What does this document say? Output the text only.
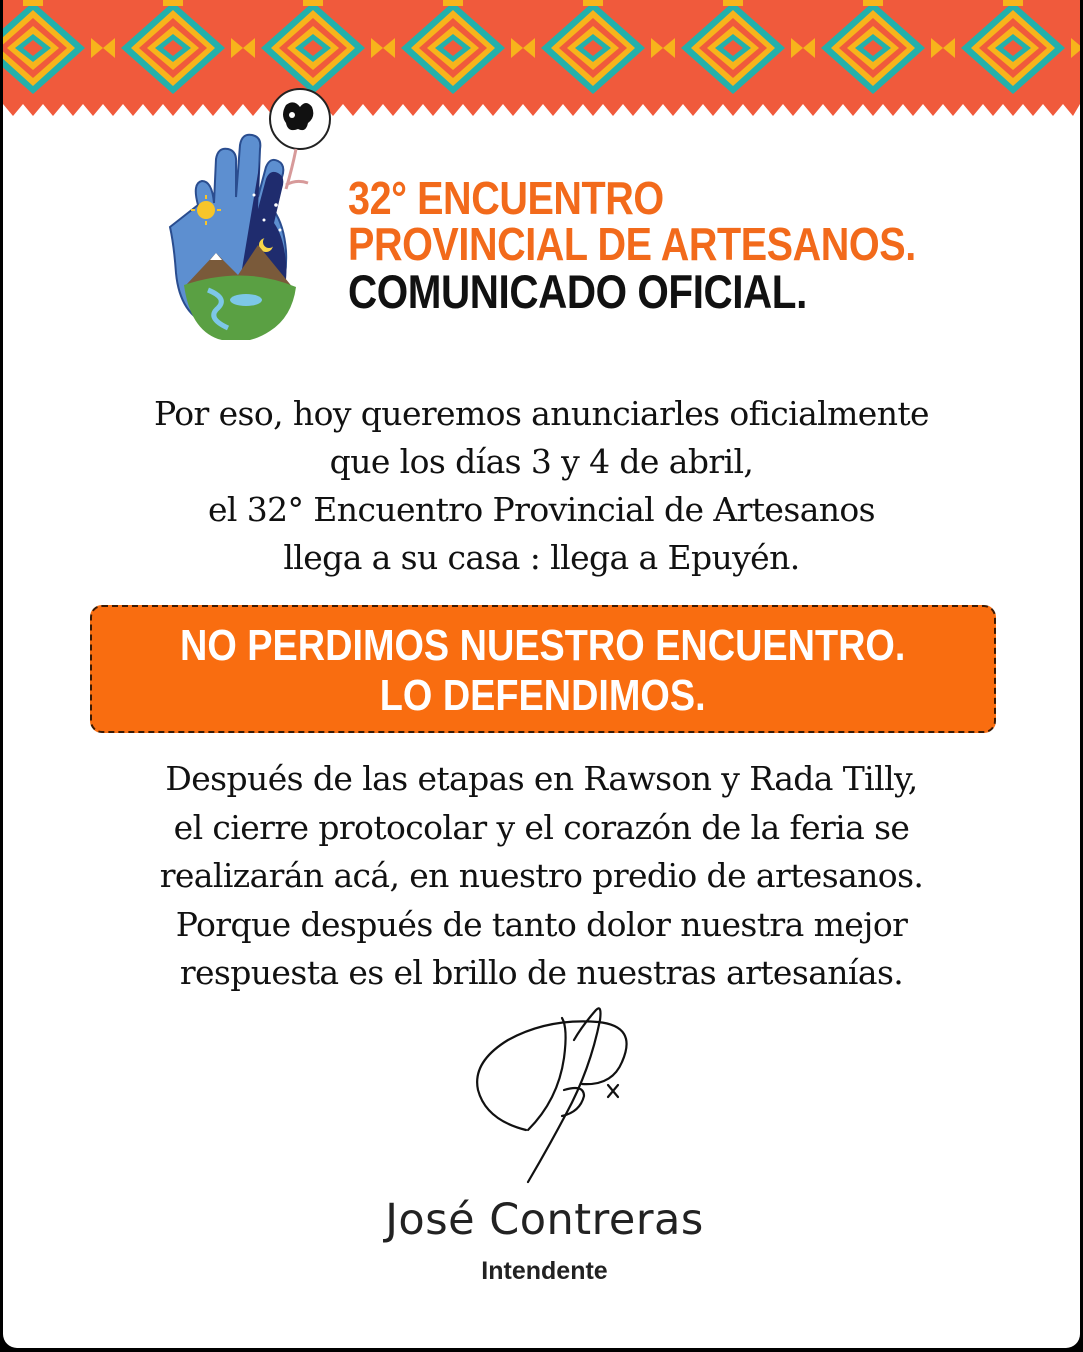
32° ENCUENTRO
PROVINCIAL DE ARTESANOS.
COMUNICADO OFICIAL.
Por eso, hoy queremos anunciarles oficialmente
que los días 3 y 4 de abril,
el 32° Encuentro Provincial de Artesanos
llega a su casa : llega a Epuyén.
NO PERDIMOS NUESTRO ENCUENTRO.
LO DEFENDIMOS.
Después de las etapas en Rawson y Rada Tilly,
el cierre protocolar y el corazón de la feria se
realizarán acá, en nuestro predio de artesanos.
Porque después de tanto dolor nuestra mejor
respuesta es el brillo de nuestras artesanías.
José Contreras
Intendente
